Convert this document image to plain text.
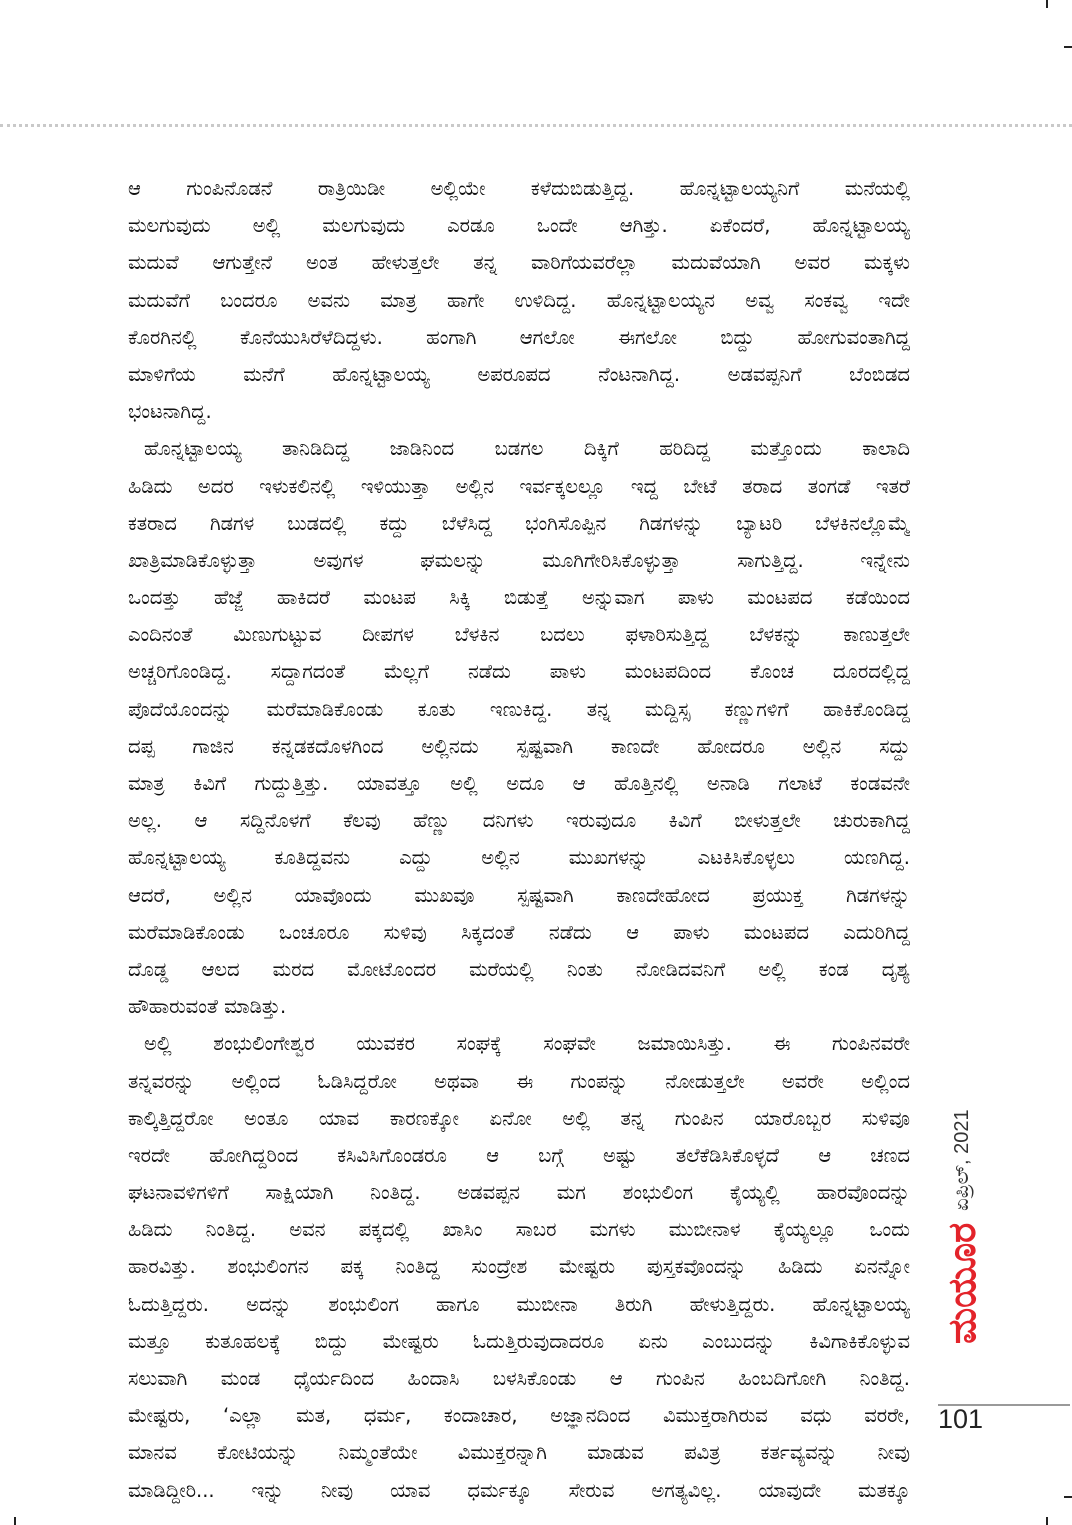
ಆ ಗುಂಪಿನೊಡನೆ ರಾತ್ರಿಯಿಡೀ ಅಲ್ಲಿಯೇ ಕಳೆದುಬಿಡುತ್ತಿದ್ದ. ಹೊನ್ನಟ್ಟಾಲಯ್ಯನಿಗೆ ಮನೆಯಲ್ಲಿ
ಮಲಗುವುದು ಅಲ್ಲಿ ಮಲಗುವುದು ಎರಡೂ ಒಂದೇ ಆಗಿತ್ತು. ಏಕೆಂದರೆ, ಹೊನ್ನಟ್ಟಾಲಯ್ಯ
ಮದುವೆ ಆಗುತ್ತೇನೆ ಅಂತ ಹೇಳುತ್ತಲೇ ತನ್ನ ವಾರಿಗೆಯವರೆಲ್ಲಾ ಮದುವೆಯಾಗಿ ಅವರ ಮಕ್ಕಳು
ಮದುವೆಗೆ ಬಂದರೂ ಅವನು ಮಾತ್ರ ಹಾಗೇ ಉಳಿದಿದ್ದ. ಹೊನ್ನಟ್ಟಾಲಯ್ಯನ ಅವ್ವ ಸಂಕವ್ವ ಇದೇ
ಕೊರಗಿನಲ್ಲಿ ಕೊನೆಯುಸಿರೆಳೆದಿದ್ದಳು. ಹಂಗಾಗಿ ಆಗಲೋ ಈಗಲೋ ಬಿದ್ದು ಹೋಗುವಂತಾಗಿದ್ದ
ಮಾಳಿಗೆಯ ಮನೆಗೆ ಹೊನ್ನಟ್ಟಾಲಯ್ಯ ಅಪರೂಪದ ನೆಂಟನಾಗಿದ್ದ. ಅಡವಪ್ಪನಿಗೆ ಬೆಂಬಿಡದ
ಭಂಟನಾಗಿದ್ದ.
ಹೊನ್ನಟ್ಟಾಲಯ್ಯ ತಾನಿಡಿದಿದ್ದ ಜಾಡಿನಿಂದ ಬಡಗಲ ದಿಕ್ಕಿಗೆ ಹರಿದಿದ್ದ ಮತ್ತೊಂದು ಕಾಲಾದಿ
ಹಿಡಿದು ಅದರ ಇಳುಕಲಿನಲ್ಲಿ ಇಳಿಯುತ್ತಾ ಅಲ್ಲಿನ ಇರ್ವಕ್ಕಲಲ್ಲೂ ಇದ್ದ ಬೇಟೆ ತರಾದ ತಂಗಡೆ ಇತರೆ
ಕತರಾದ ಗಿಡಗಳ ಬುಡದಲ್ಲಿ ಕದ್ದು ಬೆಳೆಸಿದ್ದ ಭಂಗಿಸೊಪ್ಪಿನ ಗಿಡಗಳನ್ನು ಬ್ಯಾಟರಿ ಬೆಳಕಿನಲ್ಲೊಮ್ಮೆ
ಖಾತ್ರಿಮಾಡಿಕೊಳ್ಳುತ್ತಾ ಅವುಗಳ ಘಮಲನ್ನು ಮೂಗಿಗೇರಿಸಿಕೊಳ್ಳುತ್ತಾ ಸಾಗುತ್ತಿದ್ದ. ಇನ್ನೇನು
ಒಂದತ್ತು ಹೆಜ್ಜೆ ಹಾಕಿದರೆ ಮಂಟಪ ಸಿಕ್ಕಿ ಬಿಡುತ್ತೆ ಅನ್ನುವಾಗ ಪಾಳು ಮಂಟಪದ ಕಡೆಯಿಂದ
ಎಂದಿನಂತೆ ಮಿಣುಗುಟ್ಟುವ ದೀಪಗಳ ಬೆಳಕಿನ ಬದಲು ಫಳಾರಿಸುತ್ತಿದ್ದ ಬೆಳಕನ್ನು ಕಾಣುತ್ತಲೇ
ಅಚ್ಚರಿಗೊಂಡಿದ್ದ. ಸದ್ದಾಗದಂತೆ ಮೆಲ್ಲಗೆ ನಡೆದು ಪಾಳು ಮಂಟಪದಿಂದ ಕೊಂಚ ದೂರದಲ್ಲಿದ್ದ
ಪೊದೆಯೊಂದನ್ನು ಮರೆಮಾಡಿಕೊಂಡು ಕೂತು ಇಣುಕಿದ್ದ. ತನ್ನ ಮದ್ದಿಸ್ಸ ಕಣ್ಣುಗಳಿಗೆ ಹಾಕಿಕೊಂಡಿದ್ದ
ದಪ್ಪ ಗಾಜಿನ ಕನ್ನಡಕದೊಳಗಿಂದ ಅಲ್ಲಿನದು ಸ್ಪಷ್ಟವಾಗಿ ಕಾಣದೇ ಹೋದರೂ ಅಲ್ಲಿನ ಸದ್ದು
ಮಾತ್ರ ಕಿವಿಗೆ ಗುದ್ದುತ್ತಿತ್ತು. ಯಾವತ್ತೂ ಅಲ್ಲಿ ಅದೂ ಆ ಹೊತ್ತಿನಲ್ಲಿ ಅನಾಡಿ ಗಲಾಟೆ ಕಂಡವನೇ
ಅಲ್ಲ. ಆ ಸದ್ದಿನೊಳಗೆ ಕೆಲವು ಹೆಣ್ಣು ದನಿಗಳು ಇರುವುದೂ ಕಿವಿಗೆ ಬೀಳುತ್ತಲೇ ಚುರುಕಾಗಿದ್ದ
ಹೊನ್ನಟ್ಟಾಲಯ್ಯ ಕೂತಿದ್ದವನು ಎದ್ದು ಅಲ್ಲಿನ ಮುಖಗಳನ್ನು ಎಟಕಿಸಿಕೊಳ್ಳಲು ಯಣಗಿದ್ದ.
ಆದರೆ, ಅಲ್ಲಿನ ಯಾವೊಂದು ಮುಖವೂ ಸ್ಪಷ್ಟವಾಗಿ ಕಾಣದೇಹೋದ ಪ್ರಯುಕ್ತ ಗಿಡಗಳನ್ನು
ಮರೆಮಾಡಿಕೊಂಡು ಒಂಚೂರೂ ಸುಳಿವು ಸಿಕ್ಕದಂತೆ ನಡೆದು ಆ ಪಾಳು ಮಂಟಪದ ಎದುರಿಗಿದ್ದ
ದೊಡ್ಡ ಆಲದ ಮರದ ಮೋಟೊಂದರ ಮರೆಯಲ್ಲಿ ನಿಂತು ನೋಡಿದವನಿಗೆ ಅಲ್ಲಿ ಕಂಡ ದೃಶ್ಯ
ಹೌಹಾರುವಂತೆ ಮಾಡಿತ್ತು.
ಅಲ್ಲಿ ಶಂಭುಲಿಂಗೇಶ್ವರ ಯುವಕರ ಸಂಘಕ್ಕೆ ಸಂಘವೇ ಜಮಾಯಿಸಿತ್ತು. ಈ ಗುಂಪಿನವರೇ
ತನ್ನವರನ್ನು ಅಲ್ಲಿಂದ ಓಡಿಸಿದ್ದರೋ ಅಥವಾ ಈ ಗುಂಪನ್ನು ನೋಡುತ್ತಲೇ ಅವರೇ ಅಲ್ಲಿಂದ
ಕಾಲ್ಕಿತ್ತಿದ್ದರೋ ಅಂತೂ ಯಾವ ಕಾರಣಕ್ಕೋ ಏನೋ ಅಲ್ಲಿ ತನ್ನ ಗುಂಪಿನ ಯಾರೊಬ್ಬರ ಸುಳಿವೂ
ಇರದೇ ಹೋಗಿದ್ದರಿಂದ ಕಸಿವಿಸಿಗೊಂಡರೂ ಆ ಬಗ್ಗೆ ಅಷ್ಟು ತಲೆಕೆಡಿಸಿಕೊಳ್ಳದೆ ಆ ಚಣದ
ಘಟನಾವಳಿಗಳಿಗೆ ಸಾಕ್ಷಿಯಾಗಿ ನಿಂತಿದ್ದ. ಅಡವಪ್ಪನ ಮಗ ಶಂಭುಲಿಂಗ ಕೈಯ್ಯಲ್ಲಿ ಹಾರವೊಂದನ್ನು
ಹಿಡಿದು ನಿಂತಿದ್ದ. ಅವನ ಪಕ್ಕದಲ್ಲಿ ಖಾಸಿಂ ಸಾಬರ ಮಗಳು ಮುಬೀನಾಳ ಕೈಯ್ಯಲ್ಲೂ ಒಂದು
ಹಾರವಿತ್ತು. ಶಂಭುಲಿಂಗನ ಪಕ್ಕ ನಿಂತಿದ್ದ ಸುಂದ್ರೇಶ ಮೇಷ್ಟರು ಪುಸ್ತಕವೊಂದನ್ನು ಹಿಡಿದು ಏನನ್ನೋ
ಓದುತ್ತಿದ್ದರು. ಅದನ್ನು ಶಂಭುಲಿಂಗ ಹಾಗೂ ಮುಬೀನಾ ತಿರುಗಿ ಹೇಳುತ್ತಿದ್ದರು. ಹೊನ್ನಟ್ಟಾಲಯ್ಯ
ಮತ್ತೂ ಕುತೂಹಲಕ್ಕೆ ಬಿದ್ದು ಮೇಷ್ಟರು ಓದುತ್ತಿರುವುದಾದರೂ ಏನು ಎಂಬುದನ್ನು ಕಿವಿಗಾಕಿಕೊಳ್ಳುವ
ಸಲುವಾಗಿ ಮಂಡ ಧೈರ್ಯದಿಂದ ಹಿಂದಾಸಿ ಬಳಸಿಕೊಂಡು ಆ ಗುಂಪಿನ ಹಿಂಬದಿಗೋಗಿ ನಿಂತಿದ್ದ.
ಮೇಷ್ಟರು, ‘ಎಲ್ಲಾ ಮತ, ಧರ್ಮ, ಕಂದಾಚಾರ, ಅಜ್ಞಾನದಿಂದ ವಿಮುಕ್ತರಾಗಿರುವ ವಧು ವರರೇ,
ಮಾನವ ಕೋಟಿಯನ್ನು ನಿಮ್ಮಂತೆಯೇ ವಿಮುಕ್ತರನ್ನಾಗಿ ಮಾಡುವ ಪವಿತ್ರ ಕರ್ತವ್ಯವನ್ನು ನೀವು
ಮಾಡಿದ್ದೀರಿ... ಇನ್ನು ನೀವು ಯಾವ ಧರ್ಮಕ್ಕೂ ಸೇರುವ ಅಗತ್ಯವಿಲ್ಲ. ಯಾವುದೇ ಮತಕ್ಕೂ
ಏಪ್ರಿಲ್, 2021
ಮಯೂರ
101
